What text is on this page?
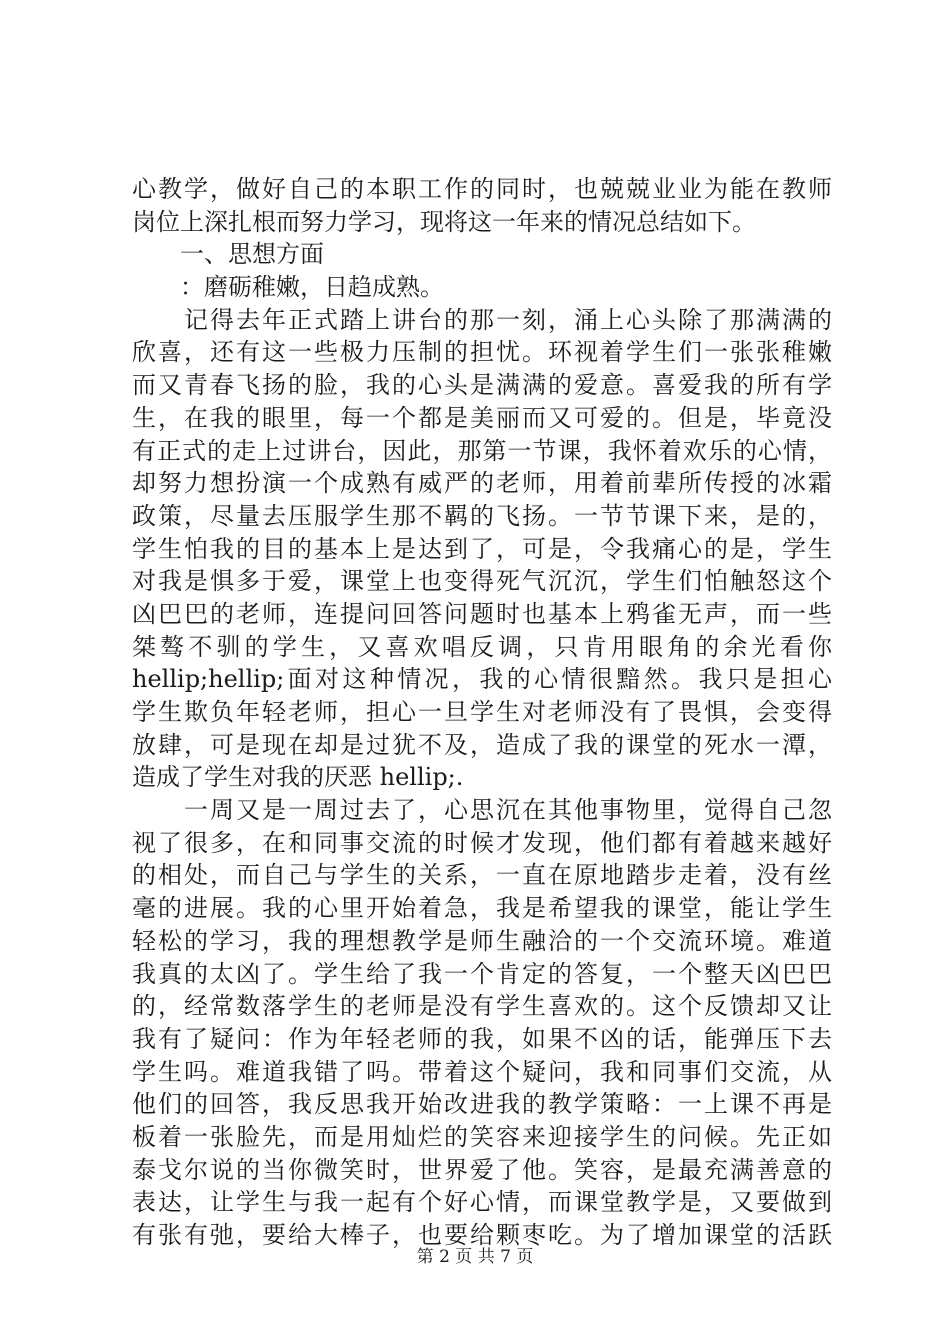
心教学，做好自己的本职工作的同时，也兢兢业业为能在教师
岗位上深扎根而努力学习，现将这一年来的情况总结如下。
　　一、思想方面
　　：磨砺稚嫩，日趋成熟。
　　记得去年正式踏上讲台的那一刻，涌上心头除了那满满的
欣喜，还有这一些极力压制的担忧。环视着学生们一张张稚嫩
而又青春飞扬的脸，我的心头是满满的爱意。喜爱我的所有学
生，在我的眼里，每一个都是美丽而又可爱的。但是，毕竟没
有正式的走上过讲台，因此，那第一节课，我怀着欢乐的心情，
却努力想扮演一个成熟有威严的老师，用着前辈所传授的冰霜
政策，尽量去压服学生那不羁的飞扬。一节节课下来，是的，
学生怕我的目的基本上是达到了，可是，令我痛心的是，学生
对我是惧多于爱，课堂上也变得死气沉沉，学生们怕触怒这个
凶巴巴的老师，连提问回答问题时也基本上鸦雀无声，而一些
桀骜不驯的学生，又喜欢唱反调，只肯用眼角的余光看你
hellip;hellip;面对这种情况，我的心情很黯然。我只是担心
学生欺负年轻老师，担心一旦学生对老师没有了畏惧，会变得
放肆，可是现在却是过犹不及，造成了我的课堂的死水一潭，
造成了学生对我的厌恶 hellip;.
　　一周又是一周过去了，心思沉在其他事物里，觉得自己忽
视了很多，在和同事交流的时候才发现，他们都有着越来越好
的相处，而自己与学生的关系，一直在原地踏步走着，没有丝
毫的进展。我的心里开始着急，我是希望我的课堂，能让学生
轻松的学习，我的理想教学是师生融洽的一个交流环境。难道
我真的太凶了。学生给了我一个肯定的答复，一个整天凶巴巴
的，经常数落学生的老师是没有学生喜欢的。这个反馈却又让
我有了疑问：作为年轻老师的我，如果不凶的话，能弹压下去
学生吗。难道我错了吗。带着这个疑问，我和同事们交流，从
他们的回答，我反思我开始改进我的教学策略：一上课不再是
板着一张脸先，而是用灿烂的笑容来迎接学生的问候。先正如
泰戈尔说的当你微笑时，世界爱了他。笑容，是最充满善意的
表达，让学生与我一起有个好心情，而课堂教学是，又要做到
有张有弛，要给大棒子，也要给颗枣吃。为了增加课堂的活跃
第 2 页 共 7 页
